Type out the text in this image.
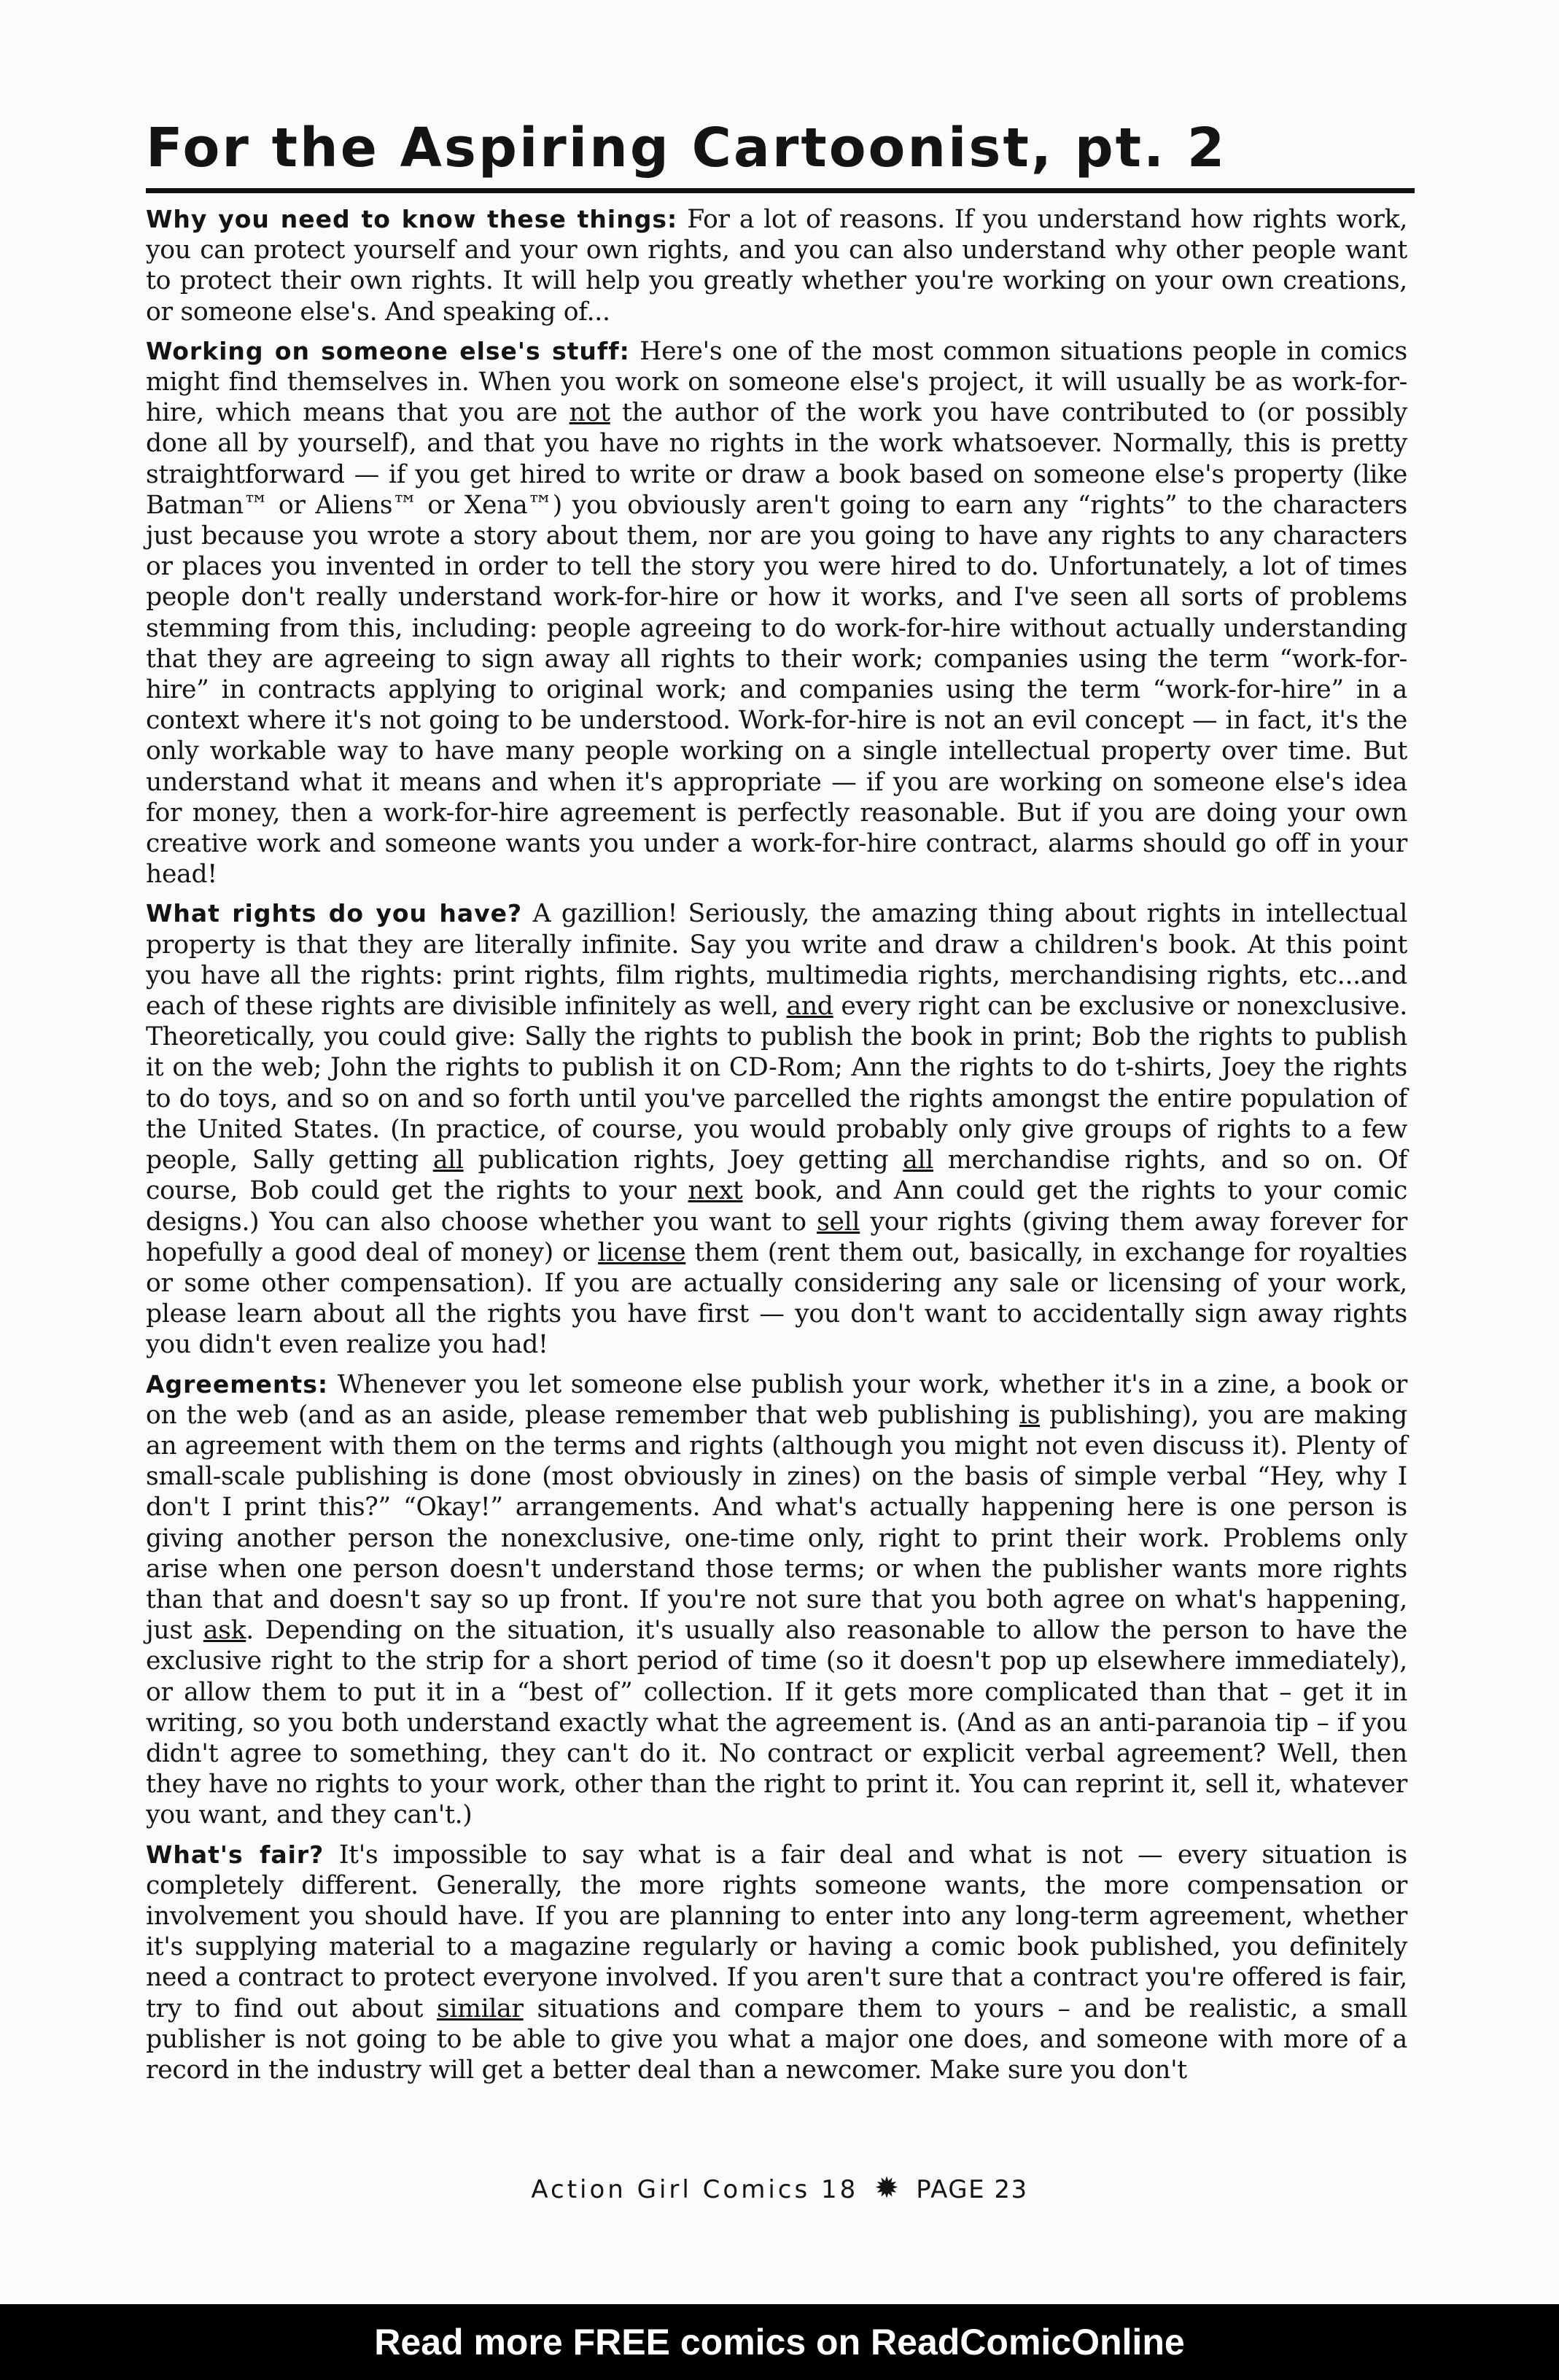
For the Aspiring Cartoonist, pt. 2

Why you need to know these things: For a lot of reasons. If you understand how rights work, you can protect yourself and your own rights, and you can also understand why other people want to protect their own rights. It will help you greatly whether you're working on your own creations, or someone else's. And speaking of...

Working on someone else's stuff: Here's one of the most common situations people in comics might find themselves in. When you work on someone else's project, it will usually be as work-for-hire, which means that you are not the author of the work you have contributed to (or possibly done all by yourself), and that you have no rights in the work whatsoever. Normally, this is pretty straightforward — if you get hired to write or draw a book based on someone else's property (like Batman™ or Aliens™ or Xena™) you obviously aren't going to earn any “rights” to the characters just because you wrote a story about them, nor are you going to have any rights to any characters or places you invented in order to tell the story you were hired to do. Unfortunately, a lot of times people don't really understand work-for-hire or how it works, and I've seen all sorts of problems stemming from this, including: people agreeing to do work-for-hire without actually understanding that they are agreeing to sign away all rights to their work; companies using the term “work-for-hire” in contracts applying to original work; and companies using the term “work-for-hire” in a context where it's not going to be understood. Work-for-hire is not an evil concept — in fact, it's the only workable way to have many people working on a single intellectual property over time. But understand what it means and when it's appropriate — if you are working on someone else's idea for money, then a work-for-hire agreement is perfectly reasonable. But if you are doing your own creative work and someone wants you under a work-for-hire contract, alarms should go off in your head!

What rights do you have? A gazillion! Seriously, the amazing thing about rights in intellectual property is that they are literally infinite. Say you write and draw a children's book. At this point you have all the rights: print rights, film rights, multimedia rights, merchandising rights, etc...and each of these rights are divisible infinitely as well, and every right can be exclusive or nonexclusive. Theoretically, you could give: Sally the rights to publish the book in print; Bob the rights to publish it on the web; John the rights to publish it on CD-Rom; Ann the rights to do t-shirts, Joey the rights to do toys, and so on and so forth until you've parcelled the rights amongst the entire population of the United States. (In practice, of course, you would probably only give groups of rights to a few people, Sally getting all publication rights, Joey getting all merchandise rights, and so on. Of course, Bob could get the rights to your next book, and Ann could get the rights to your comic designs.) You can also choose whether you want to sell your rights (giving them away forever for hopefully a good deal of money) or license them (rent them out, basically, in exchange for royalties or some other compensation). If you are actually considering any sale or licensing of your work, please learn about all the rights you have first — you don't want to accidentally sign away rights you didn't even realize you had!

Agreements: Whenever you let someone else publish your work, whether it's in a zine, a book or on the web (and as an aside, please remember that web publishing is publishing), you are making an agreement with them on the terms and rights (although you might not even discuss it). Plenty of small-scale publishing is done (most obviously in zines) on the basis of simple verbal “Hey, why I don't I print this?” “Okay!” arrangements. And what's actually happening here is one person is giving another person the nonexclusive, one-time only, right to print their work. Problems only arise when one person doesn't understand those terms; or when the publisher wants more rights than that and doesn't say so up front. If you're not sure that you both agree on what's happening, just ask. Depending on the situation, it's usually also reasonable to allow the person to have the exclusive right to the strip for a short period of time (so it doesn't pop up elsewhere immediately), or allow them to put it in a “best of” collection. If it gets more complicated than that – get it in writing, so you both understand exactly what the agreement is. (And as an anti-paranoia tip – if you didn't agree to something, they can't do it. No contract or explicit verbal agreement? Well, then they have no rights to your work, other than the right to print it. You can reprint it, sell it, whatever you want, and they can't.)

What's fair? It's impossible to say what is a fair deal and what is not — every situation is completely different. Generally, the more rights someone wants, the more compensation or involvement you should have. If you are planning to enter into any long-term agreement, whether it's supplying material to a magazine regularly or having a comic book published, you definitely need a contract to protect everyone involved. If you aren't sure that a contract you're offered is fair, try to find out about similar situations and compare them to yours – and be realistic, a small publisher is not going to be able to give you what a major one does, and someone with more of a record in the industry will get a better deal than a newcomer. Make sure you don't

Action Girl Comics 18 ✹ PAGE 23
Read more FREE comics on ReadComicOnline
